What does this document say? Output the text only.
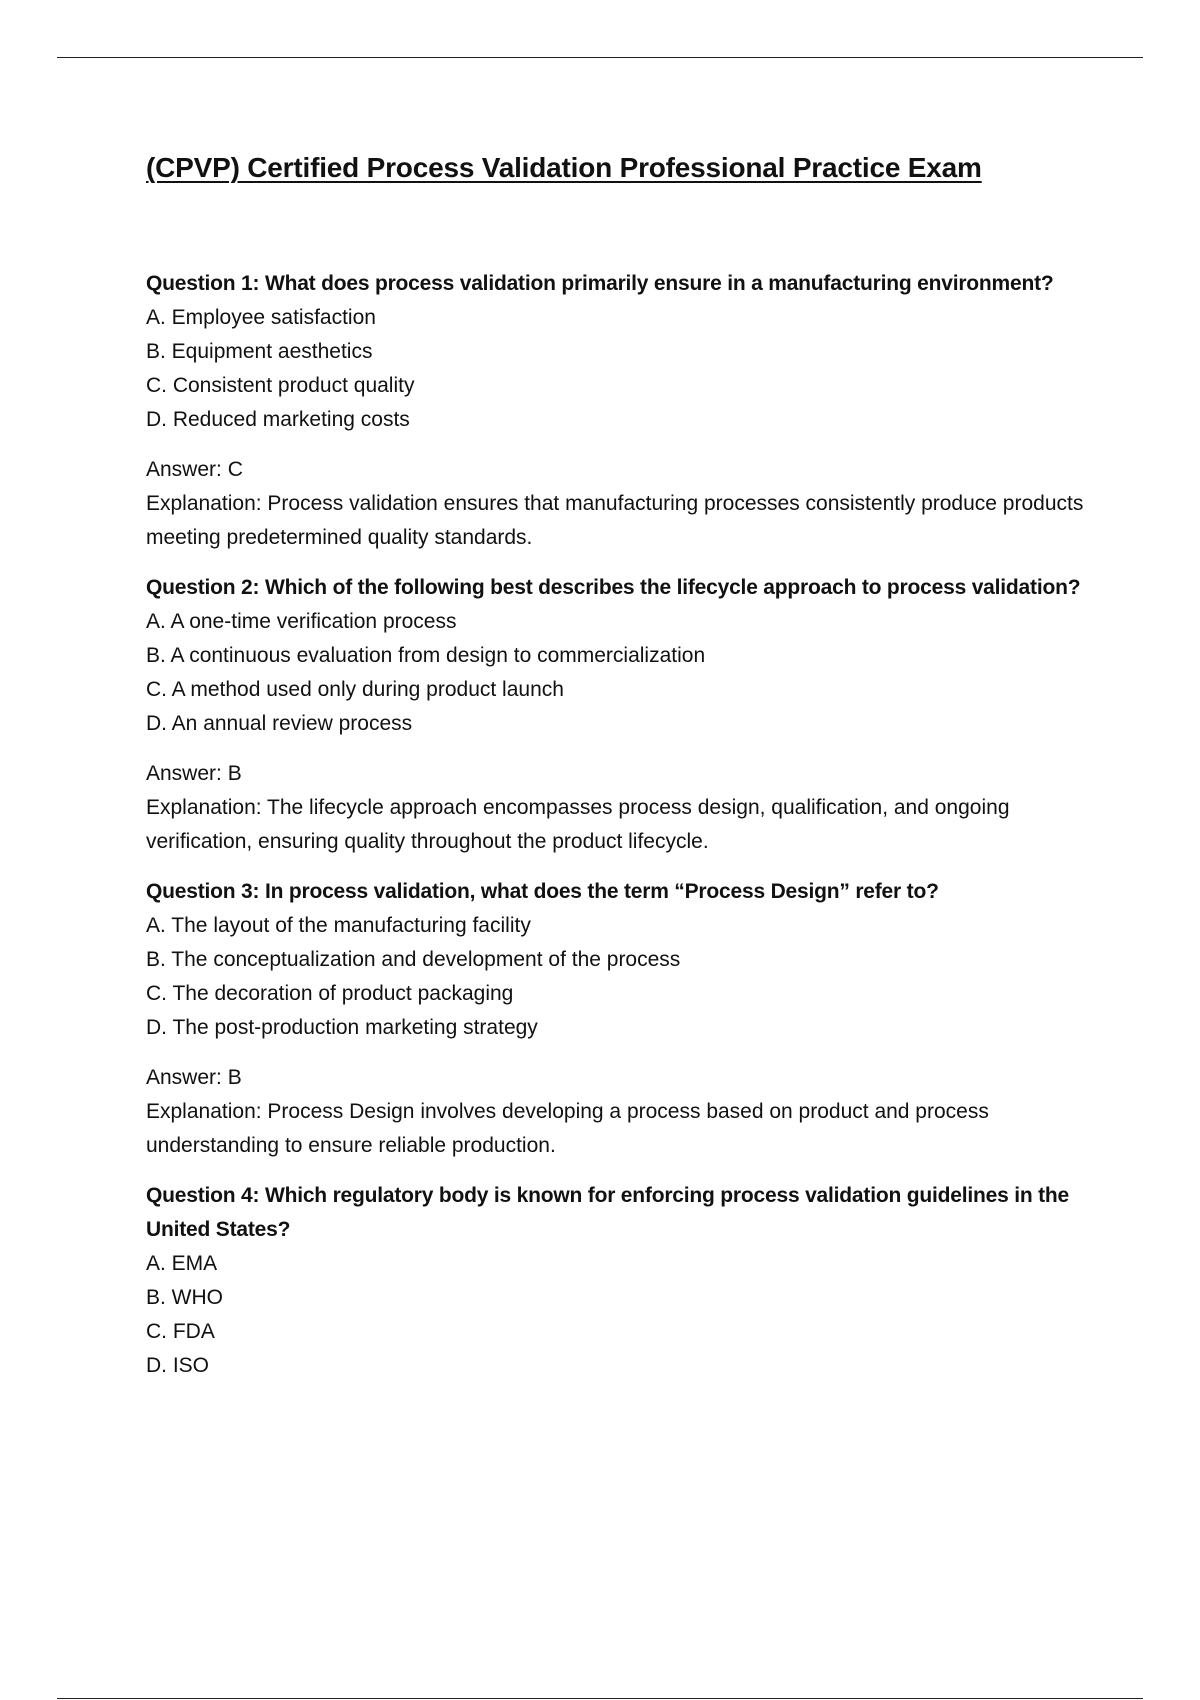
(CPVP) Certified Process Validation Professional Practice Exam
Question 1: What does process validation primarily ensure in a manufacturing environment?
A. Employee satisfaction
B. Equipment aesthetics
C. Consistent product quality
D. Reduced marketing costs
Answer: C
Explanation: Process validation ensures that manufacturing processes consistently produce products meeting predetermined quality standards.
Question 2: Which of the following best describes the lifecycle approach to process validation?
A. A one-time verification process
B. A continuous evaluation from design to commercialization
C. A method used only during product launch
D. An annual review process
Answer: B
Explanation: The lifecycle approach encompasses process design, qualification, and ongoing verification, ensuring quality throughout the product lifecycle.
Question 3: In process validation, what does the term “Process Design” refer to?
A. The layout of the manufacturing facility
B. The conceptualization and development of the process
C. The decoration of product packaging
D. The post-production marketing strategy
Answer: B
Explanation: Process Design involves developing a process based on product and process understanding to ensure reliable production.
Question 4: Which regulatory body is known for enforcing process validation guidelines in the United States?
A. EMA
B. WHO
C. FDA
D. ISO
